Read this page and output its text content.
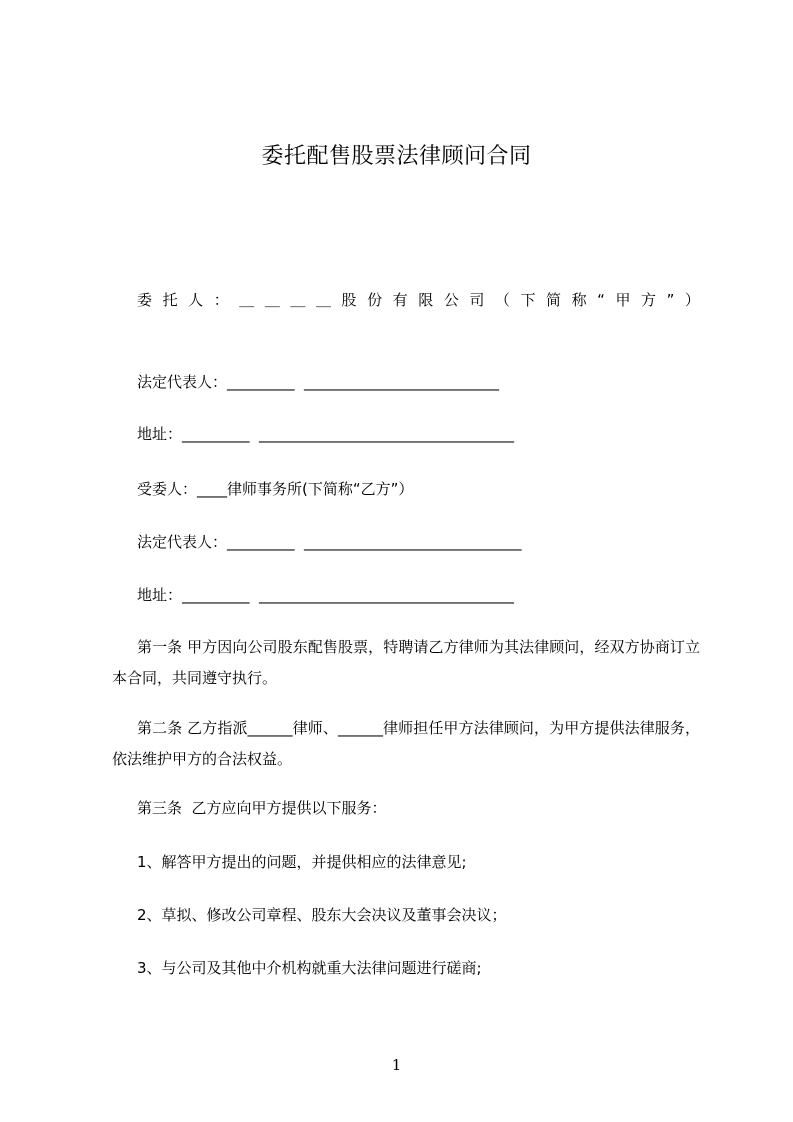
委托配售股票法律顾问合同
委 托 人 ： ＿ ＿ ＿ ＿ 股 份 有 限 公 司 （ 下 简 称 “ 甲 方 ” ）
法定代表人：_________  __________________________
地址：_________  __________________________________
受委人：____律师事务所(下简称“乙方”）
法定代表人：_________  _____________________________
地址：_________  __________________________________
第一条 甲方因向公司股东配售股票，特聘请乙方律师为其法律顾问，经双方协商订立本合同，共同遵守执行。
第二条 乙方指派______律师、______律师担任甲方法律顾问，为甲方提供法律服务，依法维护甲方的合法权益。
第三条  乙方应向甲方提供以下服务：
1、解答甲方提出的问题，并提供相应的法律意见;
2、草拟、修改公司章程、股东大会决议及董事会决议；
3、与公司及其他中介机构就重大法律问题进行磋商;
1
